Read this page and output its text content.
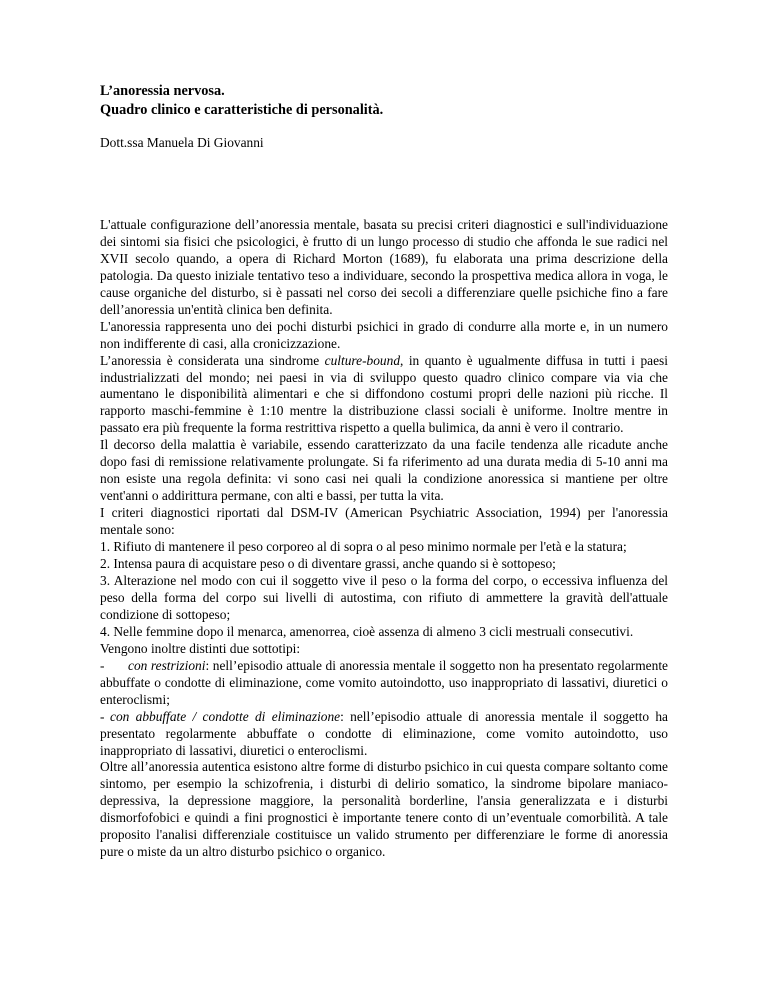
L’anoressia nervosa.
Quadro clinico e caratteristiche di personalità.
Dott.ssa Manuela Di Giovanni

L'attuale configurazione dell’anoressia mentale, basata su precisi criteri diagnostici e sull'individuazione dei sintomi sia fisici che psicologici, è frutto di un lungo processo di studio che affonda le sue radici nel XVII secolo quando, a opera di Richard Morton (1689), fu elaborata una prima descrizione della patologia. Da questo iniziale tentativo teso a individuare, secondo la prospettiva medica allora in voga, le cause organiche del disturbo, si è passati nel corso dei secoli a differenziare quelle psichiche fino a fare dell’anoressia un'entità clinica ben definita.

L'anoressia rappresenta uno dei pochi disturbi psichici in grado di condurre alla morte e, in un numero non indifferente di casi, alla cronicizzazione.

L’anoressia è considerata una sindrome culture-bound, in quanto è ugualmente diffusa in tutti i paesi industrializzati del mondo; nei paesi in via di sviluppo questo quadro clinico compare via via che aumentano le disponibilità alimentari e che si diffondono costumi propri delle nazioni più ricche. Il rapporto maschi-femmine è 1:10 mentre la distribuzione classi sociali è uniforme. Inoltre mentre in passato era più frequente la forma restrittiva rispetto a quella bulimica, da anni è vero il contrario.

Il decorso della malattia è variabile, essendo caratterizzato da una facile tendenza alle ricadute anche dopo fasi di remissione relativamente prolungate. Si fa riferimento ad una durata media di 5-10 anni ma non esiste una regola definita: vi sono casi nei quali la condizione anoressica si mantiene per oltre vent'anni o addirittura permane, con alti e bassi, per tutta la vita.

I criteri diagnostici riportati dal DSM-IV (American Psychiatric Association, 1994) per l'anoressia mentale sono:

1. Rifiuto di mantenere il peso corporeo al di sopra o al peso minimo normale per l'età e la statura;

2. Intensa paura di acquistare peso o di diventare grassi, anche quando si è sottopeso;

3. Alterazione nel modo con cui il soggetto vive il peso o la forma del corpo, o eccessiva influenza del peso della forma del corpo sui livelli di autostima, con rifiuto di ammettere la gravità dell'attuale condizione di sottopeso;

4. Nelle femmine dopo il menarca, amenorrea, cioè assenza di almeno 3 cicli mestruali consecutivi.

Vengono inoltre distinti due sottotipi:

- con restrizioni: nell’episodio attuale di anoressia mentale il soggetto non ha presentato regolarmente abbuffate o condotte di eliminazione, come vomito autoindotto, uso inappropriato di lassativi, diuretici o enteroclismi;

- con abbuffate / condotte di eliminazione: nell’episodio attuale di anoressia mentale il soggetto ha presentato regolarmente abbuffate o condotte di eliminazione, come vomito autoindotto, uso inappropriato di lassativi, diuretici o enteroclismi.

Oltre all’anoressia autentica esistono altre forme di disturbo psichico in cui questa compare soltanto come sintomo, per esempio la schizofrenia, i disturbi di delirio somatico, la sindrome bipolare maniaco-depressiva, la depressione maggiore, la personalità borderline, l'ansia generalizzata e i disturbi dismorfofobici e quindi a fini prognostici è importante tenere conto di un’eventuale comorbilità. A tale proposito l'analisi differenziale costituisce un valido strumento per differenziare le forme di anoressia pure o miste da un altro disturbo psichico o organico.
